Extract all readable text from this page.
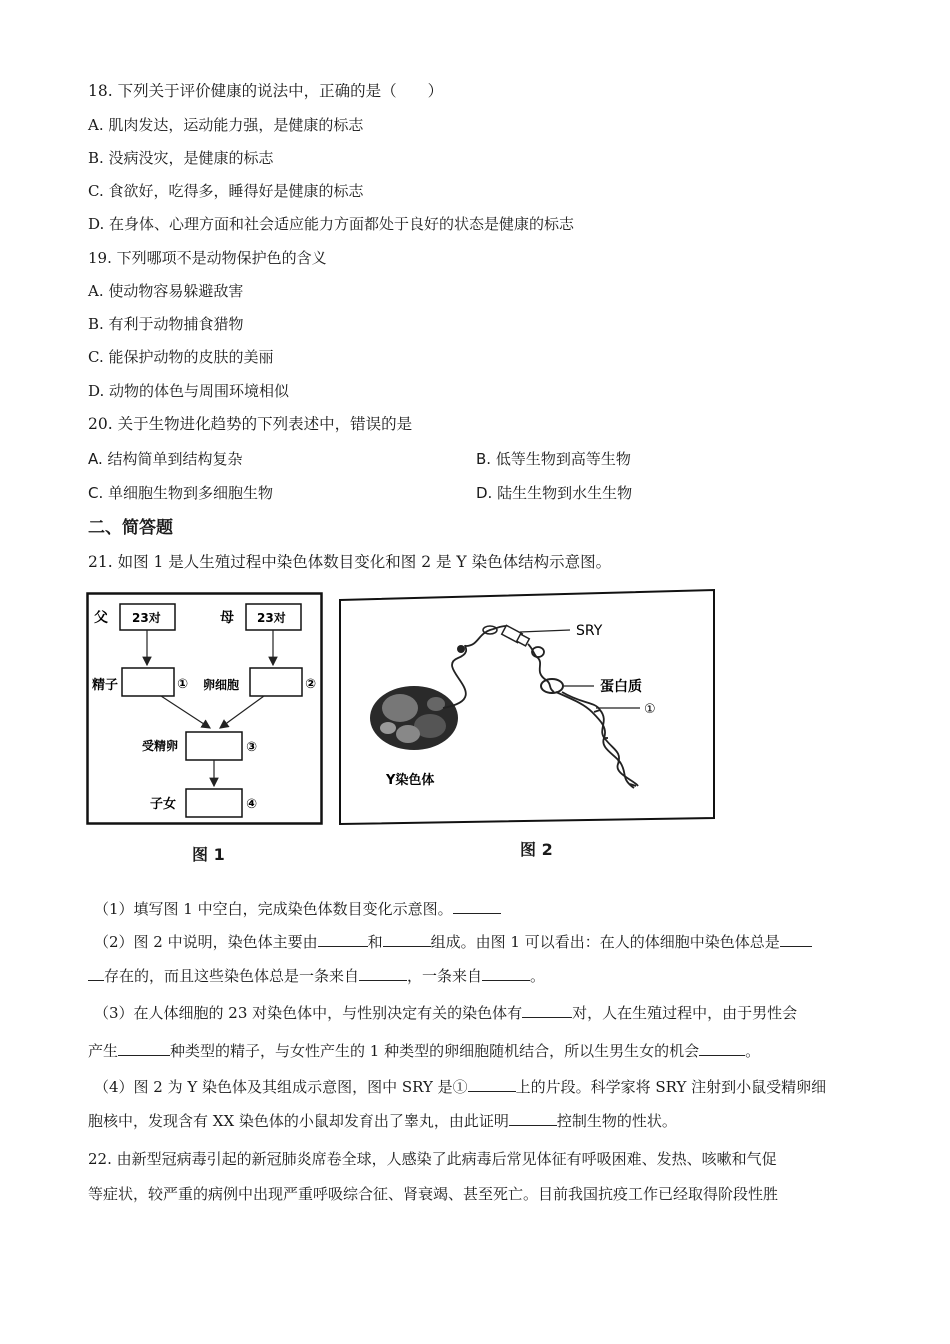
18. 下列关于评价健康的说法中，正确的是（　　）
A. 肌肉发达，运动能力强，是健康的标志
B. 没病没灾，是健康的标志
C. 食欲好，吃得多，睡得好是健康的标志
D. 在身体、心理方面和社会适应能力方面都处于良好的状态是健康的标志
19. 下列哪项不是动物保护色的含义
A. 使动物容易躲避敌害
B. 有利于动物捕食猎物
C. 能保护动物的皮肤的美丽
D. 动物的体色与周围环境相似
20. 关于生物进化趋势的下列表述中，错误的是
A. 结构简单到结构复杂	B. 低等生物到高等生物
C. 单细胞生物到多细胞生物	D. 陆生生物到水生生物
二、简答题
21. 如图 1 是人生殖过程中染色体数目变化和图 2 是 Y 染色体结构示意图。
父 23对	母 23对
精子	① 卵细胞	②
受精卵	③
子女	④
图 1
SRY
蛋白质
①
Y染色体
图 2
（1）填写图 1 中空白，完成染色体数目变化示意图。
（2）图 2 中说明，染色体主要由	和	组成。由图 1 可以看出：在人的体细胞中染色体总是
存在的，而且这些染色体总是一条来自	，一条来自	。
（3）在人体细胞的 23 对染色体中，与性别决定有关的染色体有	对，人在生殖过程中，由于男性会
产生	种类型的精子，与女性产生的 1 种类型的卵细胞随机结合，所以生男生女的机会	。
（4）图 2 为 Y 染色体及其组成示意图，图中 SRY 是①	上的片段。科学家将 SRY 注射到小鼠受精卵细
胞核中，发现含有 XX 染色体的小鼠却发育出了睾丸，由此证明	控制生物的性状。
22. 由新型冠病毒引起的新冠肺炎席卷全球，人感染了此病毒后常见体征有呼吸困难、发热、咳嗽和气促
等症状，较严重的病例中出现严重呼吸综合征、肾衰竭、甚至死亡。目前我国抗疫工作已经取得阶段性胜
